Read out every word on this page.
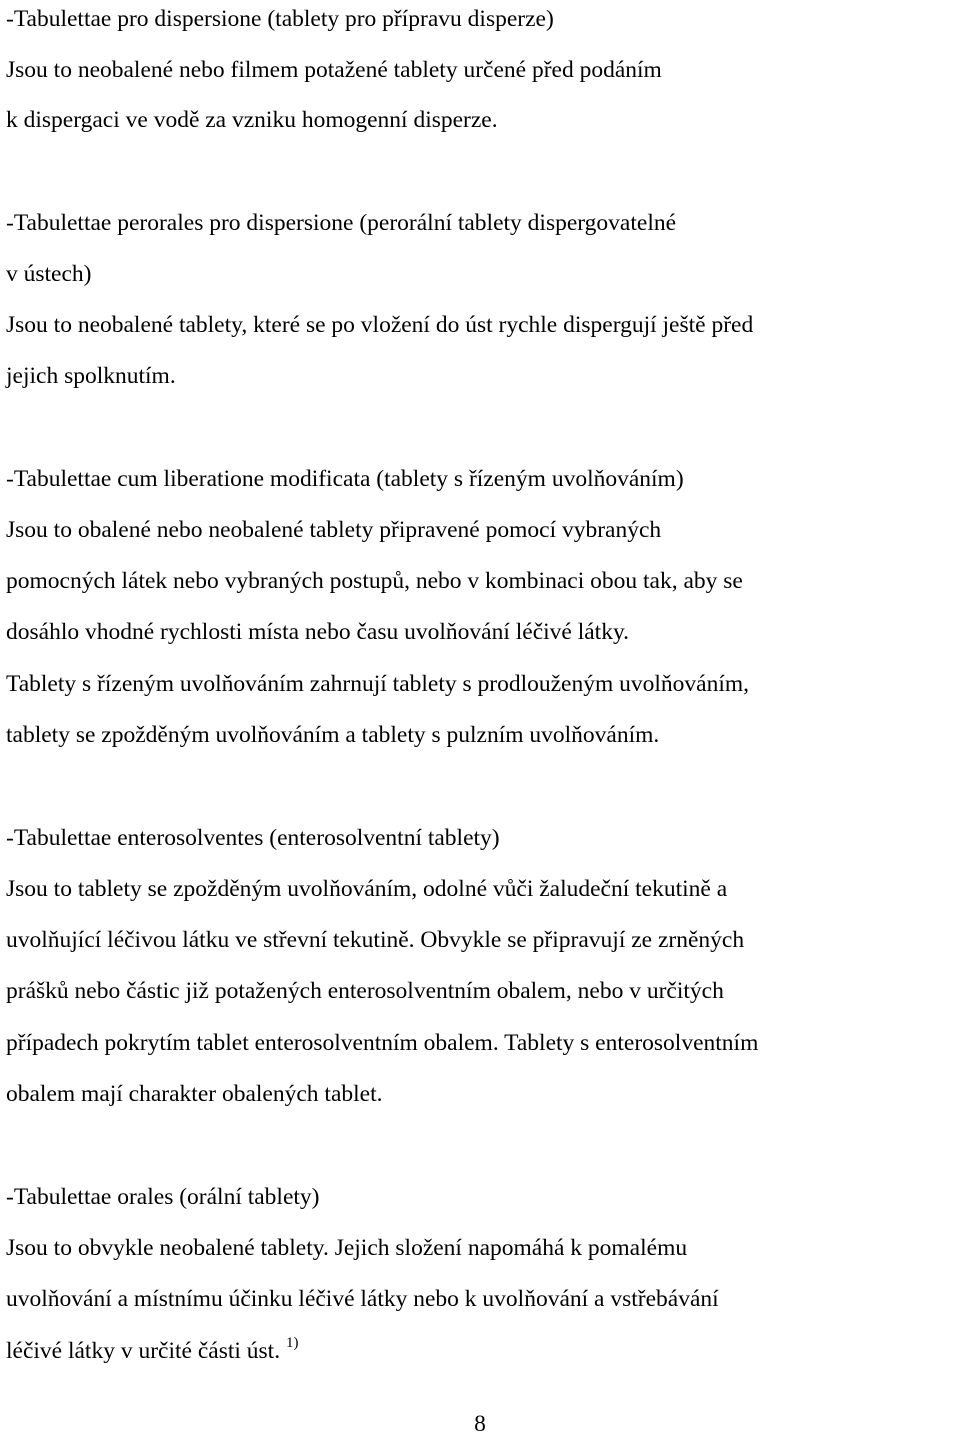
-Tabulettae pro dispersione (tablety pro přípravu disperze)
Jsou to neobalené nebo filmem potažené tablety určené před podáním
k dispergaci ve vodě za vzniku homogenní disperze.
-Tabulettae perorales pro dispersione (perorální tablety dispergovatelné
v ústech)
Jsou to neobalené tablety, které se po vložení do úst rychle dispergují ještě před
jejich spolknutím.
-Tabulettae cum liberatione modificata (tablety s řízeným uvolňováním)
Jsou to obalené nebo neobalené tablety připravené pomocí vybraných
pomocných látek nebo vybraných postupů, nebo v kombinaci obou tak, aby se
dosáhlo vhodné rychlosti místa nebo času uvolňování léčivé látky.
Tablety s řízeným uvolňováním zahrnují tablety s prodlouženým uvolňováním,
tablety se zpožděným uvolňováním a tablety s pulzním uvolňováním.
-Tabulettae enterosolventes (enterosolventní tablety)
Jsou to tablety se zpožděným uvolňováním, odolné vůči žaludeční tekutině a
uvolňující léčivou látku ve střevní tekutině. Obvykle se připravují ze zrněných
prášků nebo částic již potažených enterosolventním obalem, nebo v určitých
případech pokrytím tablet enterosolventním obalem. Tablety s enterosolventním
obalem mají charakter obalených tablet.
-Tabulettae orales (orální tablety)
Jsou to obvykle neobalené tablety. Jejich složení napomáhá k pomalému
uvolňování a místnímu účinku léčivé látky nebo k uvolňování a vstřebávání
léčivé látky v určité části úst. $^{1)}$
8
